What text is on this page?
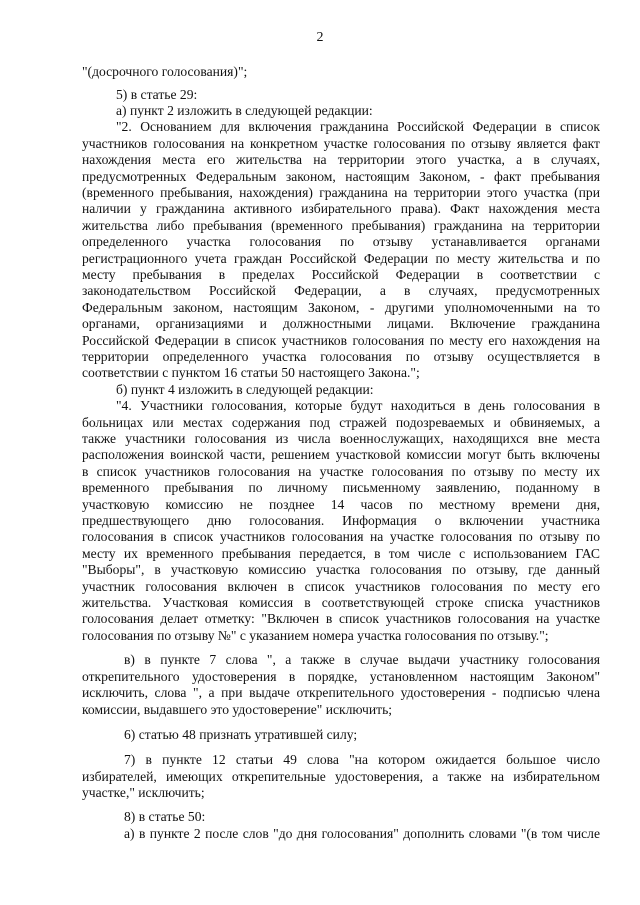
2
"(досрочного голосования)";
5) в статье 29:
а) пункт 2 изложить в следующей редакции:
"2. Основанием для включения гражданина Российской Федерации в список
участников голосования на конкретном участке голосования по отзыву является факт
нахождения места его жительства на территории этого участка, а в случаях,
предусмотренных Федеральным законом, настоящим Законом, - факт пребывания
(временного пребывания, нахождения) гражданина на территории этого участка (при
наличии у гражданина активного избирательного права). Факт нахождения места
жительства либо пребывания (временного пребывания) гражданина на территории
определенного участка голосования по отзыву устанавливается органами
регистрационного учета граждан Российской Федерации по месту жительства и по
месту пребывания в пределах Российской Федерации в соответствии с
законодательством Российской Федерации, а в случаях, предусмотренных
Федеральным законом, настоящим Законом, - другими уполномоченными на то
органами, организациями и должностными лицами. Включение гражданина
Российской Федерации в список участников голосования по месту его нахождения на
территории определенного участка голосования по отзыву осуществляется в
соответствии с пунктом 16 статьи 50 настоящего Закона.";
б) пункт 4 изложить в следующей редакции:
"4. Участники голосования, которые будут находиться в день голосования в
больницах или местах содержания под стражей подозреваемых и обвиняемых, а
также участники голосования из числа военнослужащих, находящихся вне места
расположения воинской части, решением участковой комиссии могут быть включены
в список участников голосования на участке голосования по отзыву по месту их
временного пребывания по личному письменному заявлению, поданному в
участковую комиссию не позднее 14 часов по местному времени дня,
предшествующего дню голосования. Информация о включении участника
голосования в список участников голосования на участке голосования по отзыву по
месту их временного пребывания передается, в том числе с использованием ГАС
"Выборы", в участковую комиссию участка голосования по отзыву, где данный
участник голосования включен в список участников голосования по месту его
жительства. Участковая комиссия в соответствующей строке списка участников
голосования делает отметку: "Включен в список участников голосования на участке
голосования по отзыву №" с указанием номера участка голосования по отзыву.";
в) в пункте 7 слова ", а также в случае выдачи участнику голосования
открепительного удостоверения в порядке, установленном настоящим Законом"
исключить, слова ", а при выдаче открепительного удостоверения - подписью члена
комиссии, выдавшего это удостоверение" исключить;
6) статью 48 признать утратившей силу;
7) в пункте 12 статьи 49 слова "на котором ожидается большое число
избирателей, имеющих открепительные удостоверения, а также на избирательном
участке," исключить;
8) в статье 50:
а) в пункте 2 после слов "до дня голосования" дополнить словами "(в том числе
